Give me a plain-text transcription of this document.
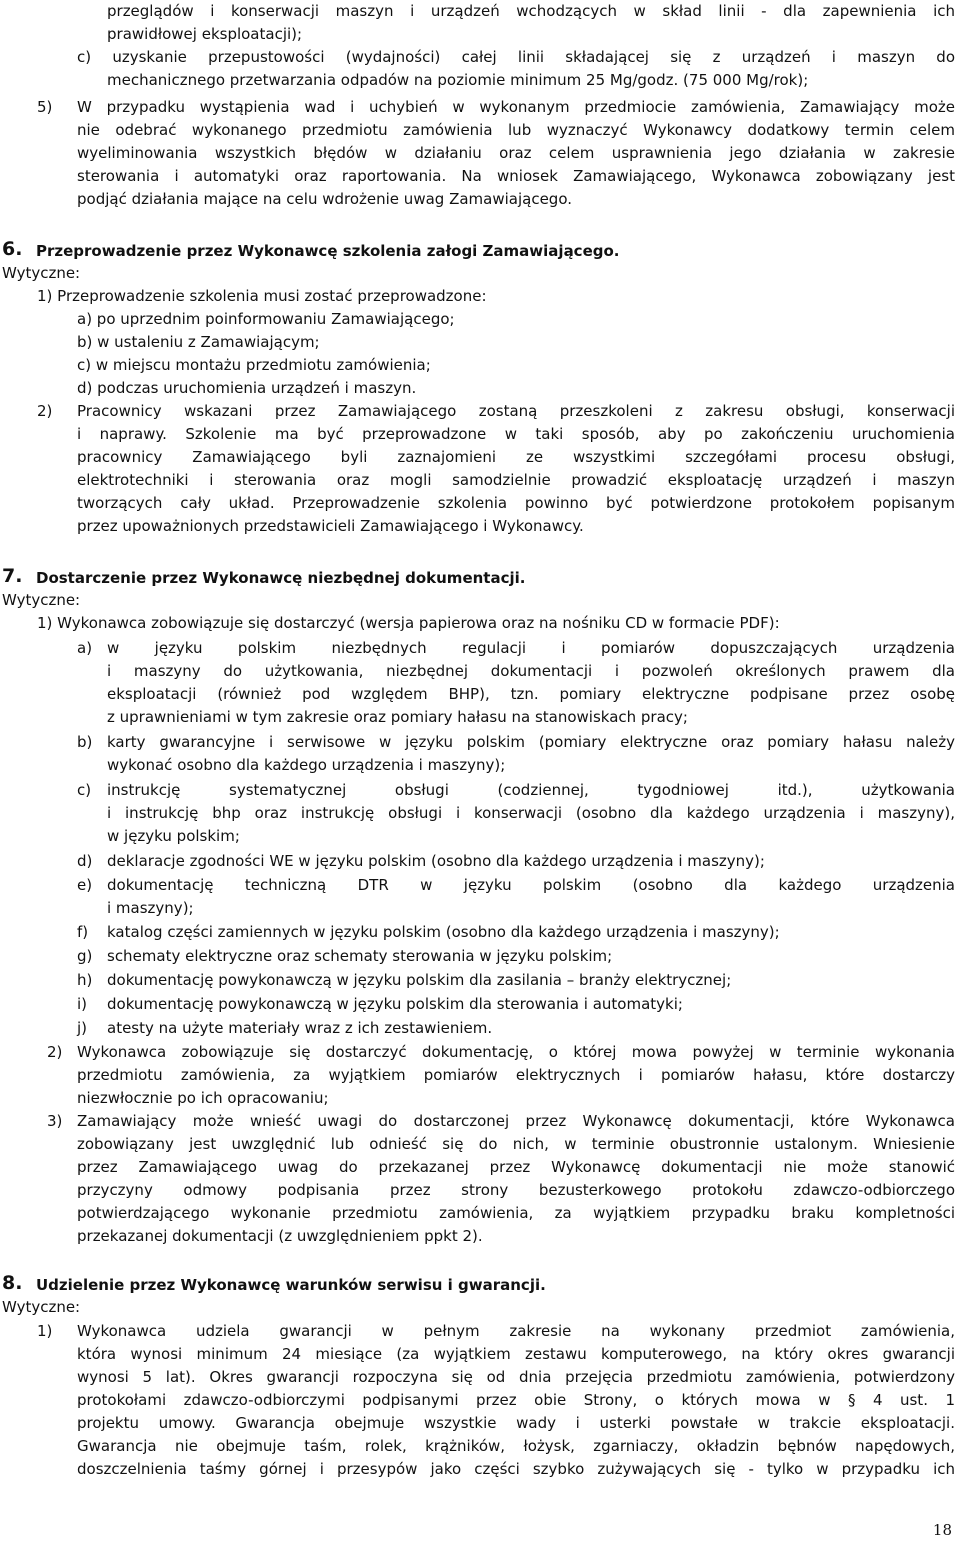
przeglądów i konserwacji maszyn i urządzeń wchodzących w skład linii - dla zapewnienia ich
prawidłowej eksploatacji);
c) uzyskanie przepustowości (wydajności) całej linii składającej się z urządzeń i maszyn do
mechanicznego przetwarzania odpadów na poziomie minimum 25 Mg/godz. (75 000 Mg/rok);
5) W przypadku wystąpienia wad i uchybień w wykonanym przedmiocie zamówienia, Zamawiający może
nie odebrać wykonanego przedmiotu zamówienia lub wyznaczyć Wykonawcy dodatkowy termin celem
wyeliminowania wszystkich błędów w działaniu oraz celem usprawnienia jego działania w zakresie
sterowania i automatyki oraz raportowania. Na wniosek Zamawiającego, Wykonawca zobowiązany jest
podjąć działania mające na celu wdrożenie uwag Zamawiającego.
6. Przeprowadzenie przez Wykonawcę szkolenia załogi Zamawiającego.
Wytyczne:
1) Przeprowadzenie szkolenia musi zostać przeprowadzone:
a) po uprzednim poinformowaniu Zamawiającego;
b) w ustaleniu z Zamawiającym;
c) w miejscu montażu przedmiotu zamówienia;
d) podczas uruchomienia urządzeń i maszyn.
2) Pracownicy wskazani przez Zamawiającego zostaną przeszkoleni z zakresu obsługi, konserwacji
i naprawy. Szkolenie ma być przeprowadzone w taki sposób, aby po zakończeniu uruchomienia
pracownicy Zamawiającego byli zaznajomieni ze wszystkimi szczegółami procesu obsługi,
elektrotechniki i sterowania oraz mogli samodzielnie prowadzić eksploatację urządzeń i maszyn
tworzących cały układ. Przeprowadzenie szkolenia powinno być potwierdzone protokołem popisanym
przez upoważnionych przedstawicieli Zamawiającego i Wykonawcy.
7. Dostarczenie przez Wykonawcę niezbędnej dokumentacji.
Wytyczne:
1) Wykonawca zobowiązuje się dostarczyć (wersja papierowa oraz na nośniku CD w formacie PDF):
a) w języku polskim niezbędnych regulacji i pomiarów dopuszczających urządzenia
i maszyny do użytkowania, niezbędnej dokumentacji i pozwoleń określonych prawem dla
eksploatacji (również pod względem BHP), tzn. pomiary elektryczne podpisane przez osobę
z uprawnieniami w tym zakresie oraz pomiary hałasu na stanowiskach pracy;
b) karty gwarancyjne i serwisowe w języku polskim (pomiary elektryczne oraz pomiary hałasu należy
wykonać osobno dla każdego urządzenia i maszyny);
c) instrukcję systematycznej obsługi (codziennej, tygodniowej itd.), użytkowania
i instrukcję bhp oraz instrukcję obsługi i konserwacji (osobno dla każdego urządzenia i maszyny),
w języku polskim;
d) deklaracje zgodności WE w języku polskim (osobno dla każdego urządzenia i maszyny);
e) dokumentację techniczną DTR w języku polskim (osobno dla każdego urządzenia
i maszyny);
f) katalog części zamiennych w języku polskim (osobno dla każdego urządzenia i maszyny);
g) schematy elektryczne oraz schematy sterowania w języku polskim;
h) dokumentację powykonawczą w języku polskim dla zasilania – branży elektrycznej;
i) dokumentację powykonawczą w języku polskim dla sterowania i automatyki;
j) atesty na użyte materiały wraz z ich zestawieniem.
2) Wykonawca zobowiązuje się dostarczyć dokumentację, o której mowa powyżej w terminie wykonania
przedmiotu zamówienia, za wyjątkiem pomiarów elektrycznych i pomiarów hałasu, które dostarczy
niezwłocznie po ich opracowaniu;
3) Zamawiający może wnieść uwagi do dostarczonej przez Wykonawcę dokumentacji, które Wykonawca
zobowiązany jest uwzględnić lub odnieść się do nich, w terminie obustronnie ustalonym. Wniesienie
przez Zamawiającego uwag do przekazanej przez Wykonawcę dokumentacji nie może stanowić
przyczyny odmowy podpisania przez strony bezusterkowego protokołu zdawczo-odbiorczego
potwierdzającego wykonanie przedmiotu zamówienia, za wyjątkiem przypadku braku kompletności
przekazanej dokumentacji (z uwzględnieniem ppkt 2).
8. Udzielenie przez Wykonawcę warunków serwisu i gwarancji.
Wytyczne:
1) Wykonawca udziela gwarancji w pełnym zakresie na wykonany przedmiot zamówienia,
która wynosi minimum 24 miesiące (za wyjątkiem zestawu komputerowego, na który okres gwarancji
wynosi 5 lat). Okres gwarancji rozpoczyna się od dnia przejęcia przedmiotu zamówienia, potwierdzony
protokołami zdawczo-odbiorczymi podpisanymi przez obie Strony, o których mowa w § 4 ust. 1
projektu umowy. Gwarancja obejmuje wszystkie wady i usterki powstałe w trakcie eksploatacji.
Gwarancja nie obejmuje taśm, rolek, krążników, łożysk, zgarniaczy, okładzin bębnów napędowych,
doszczelnienia taśmy górnej i przesypów jako części szybko zużywających się - tylko w przypadku ich
18
